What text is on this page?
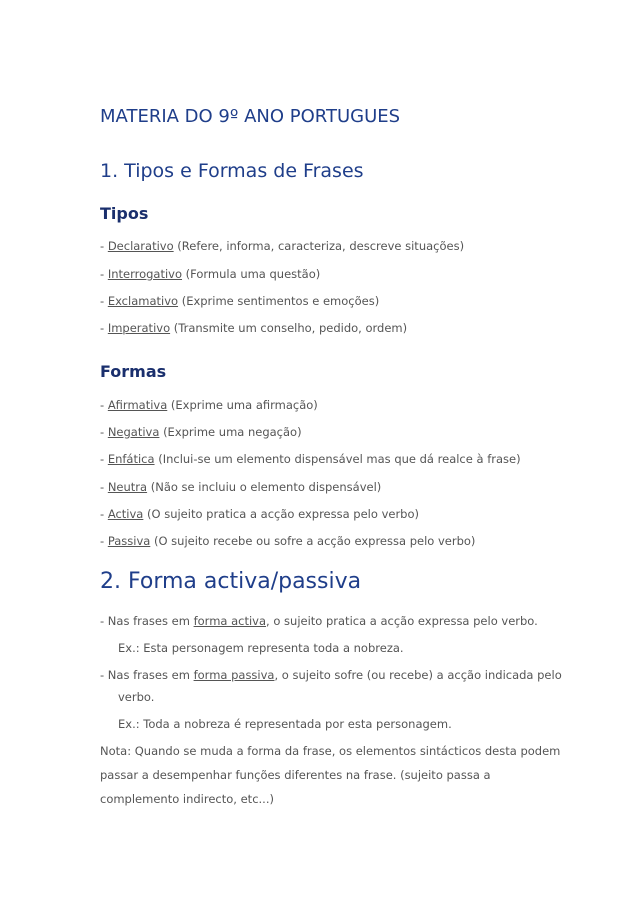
MATERIA DO 9º ANO PORTUGUES
1. Tipos e Formas de Frases
Tipos
- Declarativo (Refere, informa, caracteriza, descreve situações)
- Interrogativo (Formula uma questão)
- Exclamativo (Exprime sentimentos e emoções)
- Imperativo (Transmite um conselho, pedido, ordem)
Formas
- Afirmativa (Exprime uma afirmação)
- Negativa (Exprime uma negação)
- Enfática (Inclui-se um elemento dispensável mas que dá realce à frase)
- Neutra (Não se incluiu o elemento dispensável)
- Activa (O sujeito pratica a acção expressa pelo verbo)
- Passiva (O sujeito recebe ou sofre a acção expressa pelo verbo)
2. Forma activa/passiva
- Nas frases em forma activa, o sujeito pratica a acção expressa pelo verbo.
Ex.: Esta personagem representa toda a nobreza.
- Nas frases em forma passiva, o sujeito sofre (ou recebe) a acção indicada pelo
verbo.
Ex.: Toda a nobreza é representada por esta personagem.
Nota: Quando se muda a forma da frase, os elementos sintácticos desta podem
passar a desempenhar funções diferentes na frase. (sujeito passa a
complemento indirecto, etc...)
